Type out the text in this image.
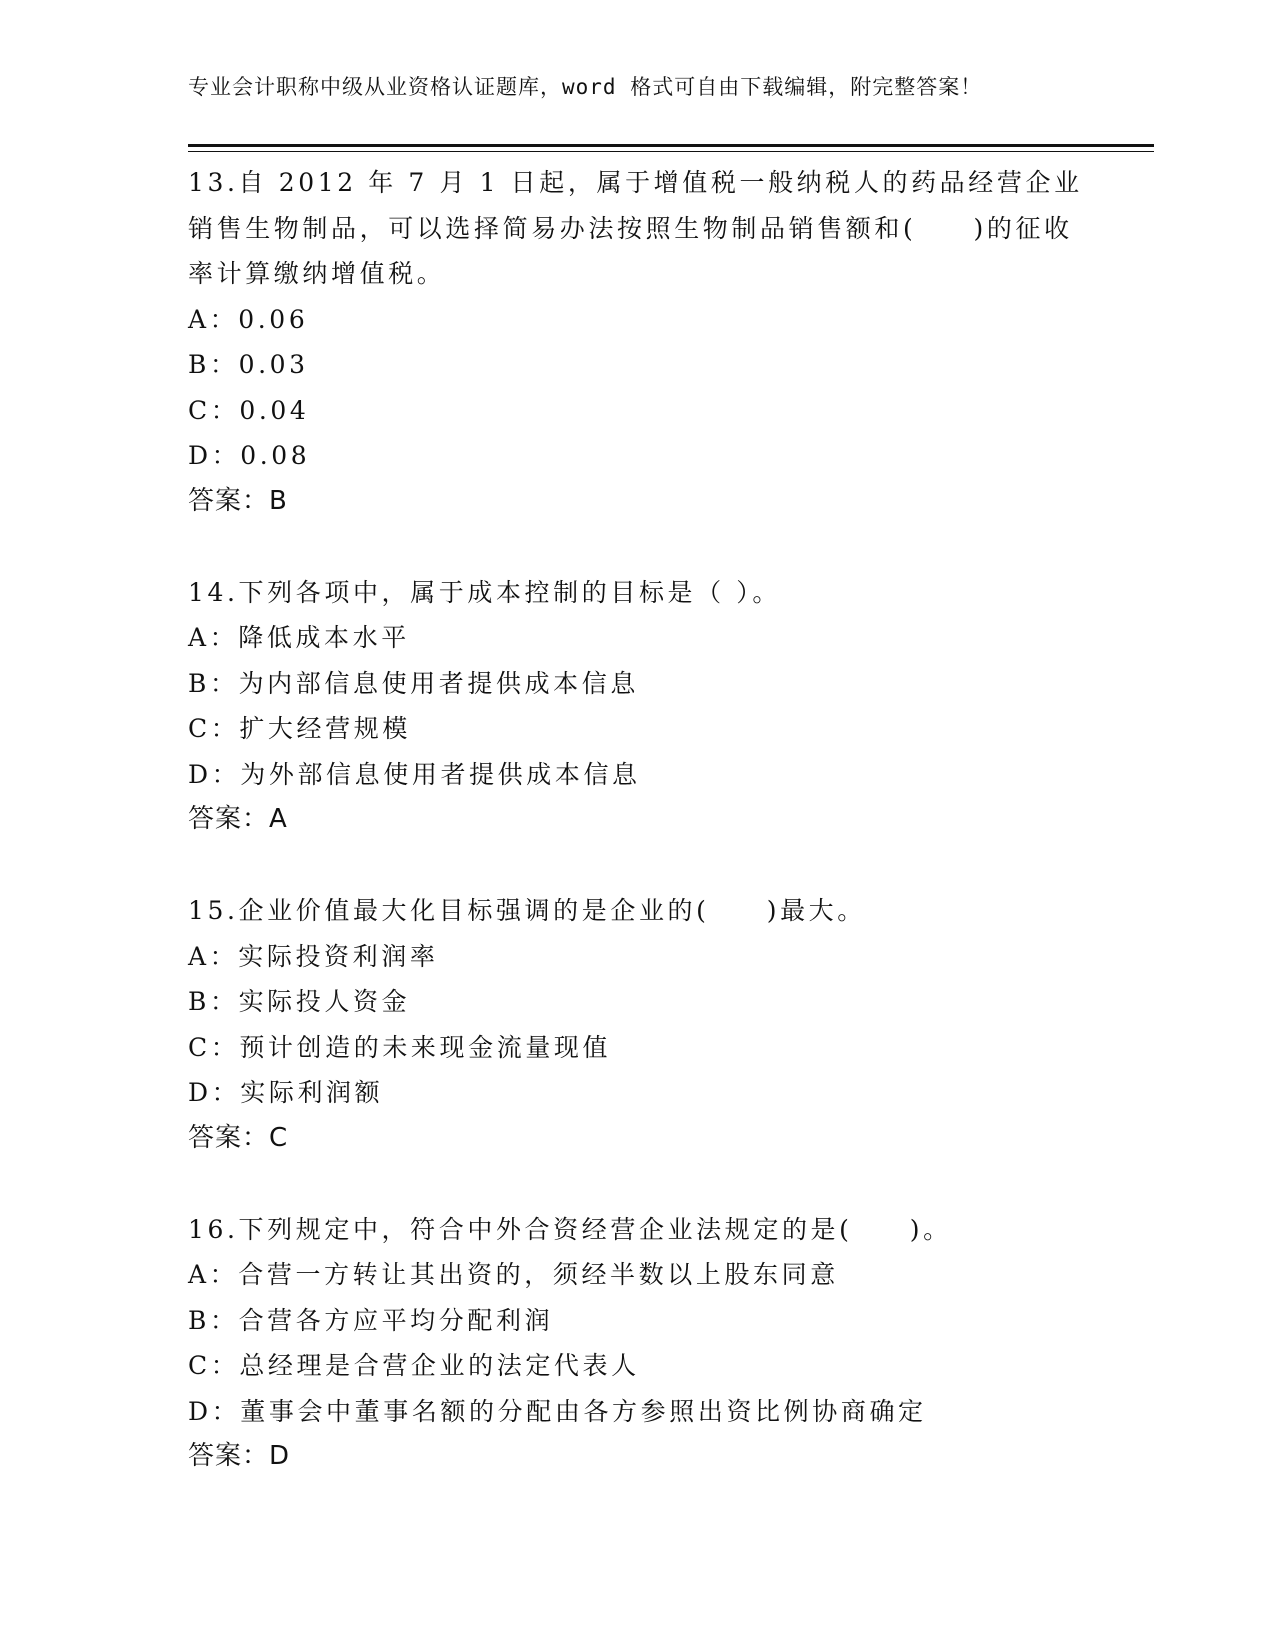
专业会计职称中级从业资格认证题库，word 格式可自由下载编辑，附完整答案！

13.自 2012 年 7 月 1 日起，属于增值税一般纳税人的药品经营企业销售生物制品，可以选择简易办法按照生物制品销售额和(　　)的征收率计算缴纳增值税。

A：0.06

B：0.03

C：0.04

D：0.08

答案：B

14.下列各项中，属于成本控制的目标是（ ）。

A：降低成本水平

B：为内部信息使用者提供成本信息

C：扩大经营规模

D：为外部信息使用者提供成本信息

答案：A

15.企业价值最大化目标强调的是企业的(　　)最大。

A：实际投资利润率

B：实际投人资金

C：预计创造的未来现金流量现值

D：实际利润额

答案：C

16.下列规定中，符合中外合资经营企业法规定的是(　　)。

A：合营一方转让其出资的，须经半数以上股东同意

B：合营各方应平均分配利润

C：总经理是合营企业的法定代表人

D：董事会中董事名额的分配由各方参照出资比例协商确定

答案：D
